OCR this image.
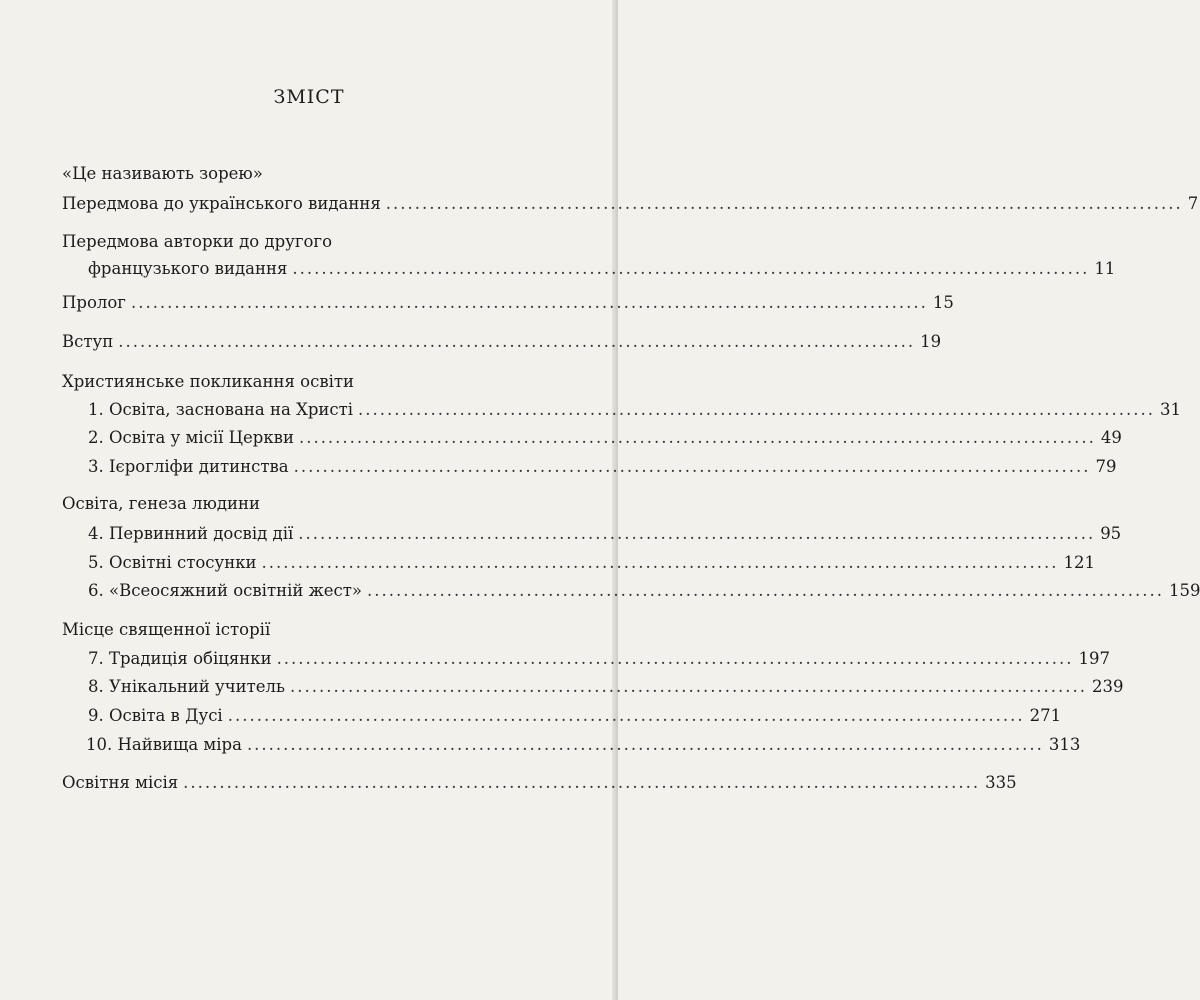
ЗМІСТ
«Це називають зорею»
Передмова до українського видання .............................................................................................................. 7
Передмова авторки до другого
французького видання .............................................................................................................. 11
Пролог .............................................................................................................. 15
Вступ .............................................................................................................. 19
Християнське покликання освіти
1. Освіта, заснована на Христі .............................................................................................................. 31
2. Освіта у місії Церкви .............................................................................................................. 49
3. Ієрогліфи дитинства .............................................................................................................. 79
Освіта, генеза людини
4. Первинний досвід дії .............................................................................................................. 95
5. Освітні стосунки .............................................................................................................. 121
6. «Всеосяжний освітній жест» .............................................................................................................. 159
Місце священної історії
7. Традиція обіцянки .............................................................................................................. 197
8. Унікальний учитель .............................................................................................................. 239
9. Освіта в Дусі .............................................................................................................. 271
10. Найвища міра .............................................................................................................. 313
Освітня місія .............................................................................................................. 335
